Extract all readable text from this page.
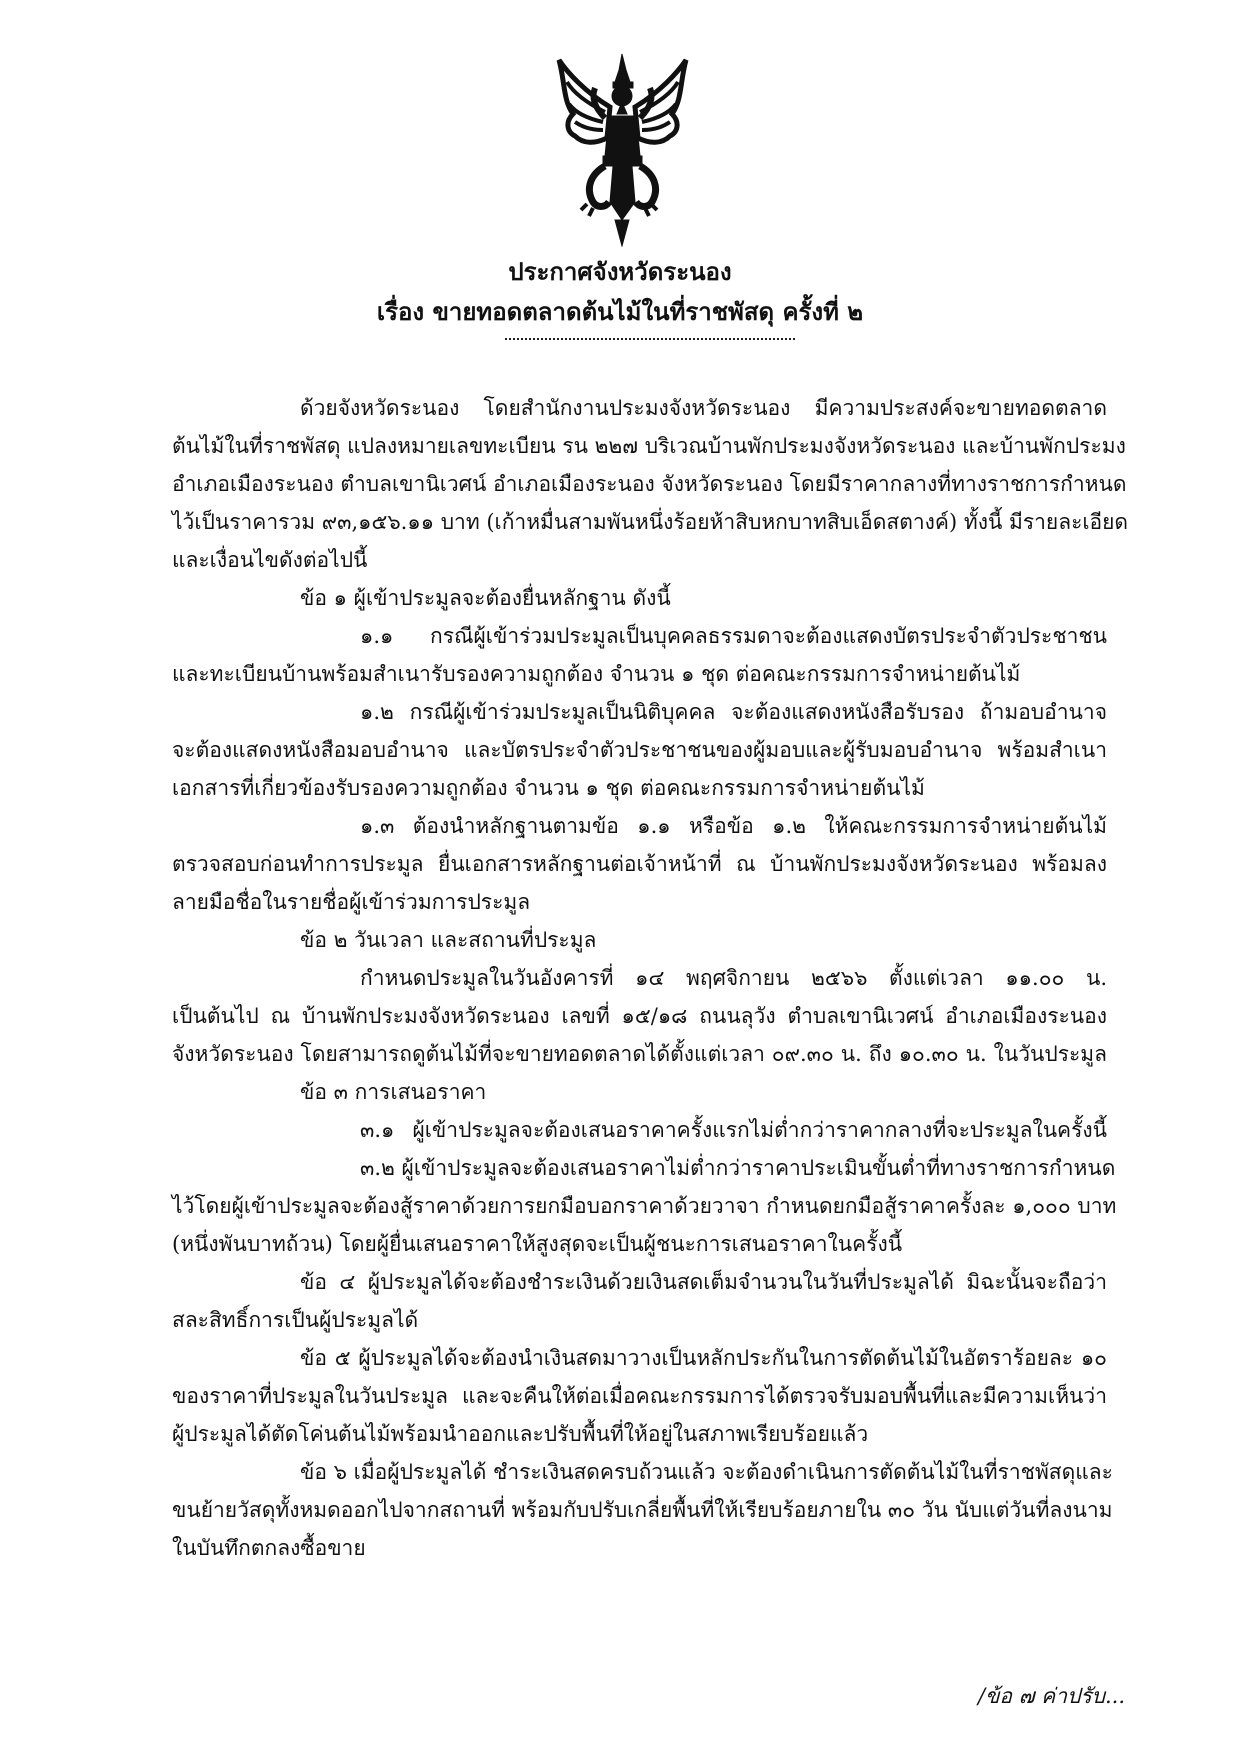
ประกาศจังหวัดระนอง
เรื่อง ขายทอดตลาดต้นไม้ในที่ราชพัสดุ ครั้งที่ ๒
ด้วยจังหวัดระนอง โดยสำนักงานประมงจังหวัดระนอง มีความประสงค์จะขายทอดตลาด
ต้นไม้ในที่ราชพัสดุ แปลงหมายเลขทะเบียน รน ๒๒๗ บริเวณบ้านพักประมงจังหวัดระนอง และบ้านพักประมง
อำเภอเมืองระนอง ตำบลเขานิเวศน์ อำเภอเมืองระนอง จังหวัดระนอง โดยมีราคากลางที่ทางราชการกำหนด
ไว้เป็นราคารวม ๙๓,๑๕๖.๑๑ บาท (เก้าหมื่นสามพันหนึ่งร้อยห้าสิบหกบาทสิบเอ็ดสตางค์) ทั้งนี้ มีรายละเอียด
และเงื่อนไขดังต่อไปนี้
ข้อ ๑ ผู้เข้าประมูลจะต้องยื่นหลักฐาน ดังนี้
๑.๑ กรณีผู้เข้าร่วมประมูลเป็นบุคคลธรรมดาจะต้องแสดงบัตรประจำตัวประชาชน
และทะเบียนบ้านพร้อมสำเนารับรองความถูกต้อง จำนวน ๑ ชุด ต่อคณะกรรมการจำหน่ายต้นไม้
๑.๒ กรณีผู้เข้าร่วมประมูลเป็นนิติบุคคล จะต้องแสดงหนังสือรับรอง ถ้ามอบอำนาจ
จะต้องแสดงหนังสือมอบอำนาจ และบัตรประจำตัวประชาชนของผู้มอบและผู้รับมอบอำนาจ พร้อมสำเนา
เอกสารที่เกี่ยวข้องรับรองความถูกต้อง จำนวน ๑ ชุด ต่อคณะกรรมการจำหน่ายต้นไม้
๑.๓ ต้องนำหลักฐานตามข้อ ๑.๑ หรือข้อ ๑.๒ ให้คณะกรรมการจำหน่ายต้นไม้
ตรวจสอบก่อนทำการประมูล ยื่นเอกสารหลักฐานต่อเจ้าหน้าที่ ณ บ้านพักประมงจังหวัดระนอง พร้อมลง
ลายมือชื่อในรายชื่อผู้เข้าร่วมการประมูล
ข้อ ๒ วันเวลา และสถานที่ประมูล
กำหนดประมูลในวันอังคารที่ ๑๔ พฤศจิกายน ๒๕๖๖ ตั้งแต่เวลา ๑๑.๐๐ น.
เป็นต้นไป ณ บ้านพักประมงจังหวัดระนอง เลขที่ ๑๕/๑๘ ถนนลุวัง ตำบลเขานิเวศน์ อำเภอเมืองระนอง
จังหวัดระนอง โดยสามารถดูต้นไม้ที่จะขายทอดตลาดได้ตั้งแต่เวลา ๐๙.๓๐ น. ถึง ๑๐.๓๐ น. ในวันประมูล
ข้อ ๓ การเสนอราคา
๓.๑ ผู้เข้าประมูลจะต้องเสนอราคาครั้งแรกไม่ต่ำกว่าราคากลางที่จะประมูลในครั้งนี้
๓.๒ ผู้เข้าประมูลจะต้องเสนอราคาไม่ต่ำกว่าราคาประเมินขั้นต่ำที่ทางราชการกำหนด
ไว้โดยผู้เข้าประมูลจะต้องสู้ราคาด้วยการยกมือบอกราคาด้วยวาจา กำหนดยกมือสู้ราคาครั้งละ ๑,๐๐๐ บาท
(หนึ่งพันบาทถ้วน) โดยผู้ยื่นเสนอราคาให้สูงสุดจะเป็นผู้ชนะการเสนอราคาในครั้งนี้
ข้อ ๔ ผู้ประมูลได้จะต้องชำระเงินด้วยเงินสดเต็มจำนวนในวันที่ประมูลได้ มิฉะนั้นจะถือว่า
สละสิทธิ์การเป็นผู้ประมูลได้
ข้อ ๕ ผู้ประมูลได้จะต้องนำเงินสดมาวางเป็นหลักประกันในการตัดต้นไม้ในอัตราร้อยละ ๑๐
ของราคาที่ประมูลในวันประมูล และจะคืนให้ต่อเมื่อคณะกรรมการได้ตรวจรับมอบพื้นที่และมีความเห็นว่า
ผู้ประมูลได้ตัดโค่นต้นไม้พร้อมนำออกและปรับพื้นที่ให้อยู่ในสภาพเรียบร้อยแล้ว
ข้อ ๖ เมื่อผู้ประมูลได้ ชำระเงินสดครบถ้วนแล้ว จะต้องดำเนินการตัดต้นไม้ในที่ราชพัสดุและ
ขนย้ายวัสดุทั้งหมดออกไปจากสถานที่ พร้อมกับปรับเกลี่ยพื้นที่ให้เรียบร้อยภายใน ๓๐ วัน นับแต่วันที่ลงนาม
ในบันทึกตกลงซื้อขาย
/ข้อ ๗ ค่าปรับ...
